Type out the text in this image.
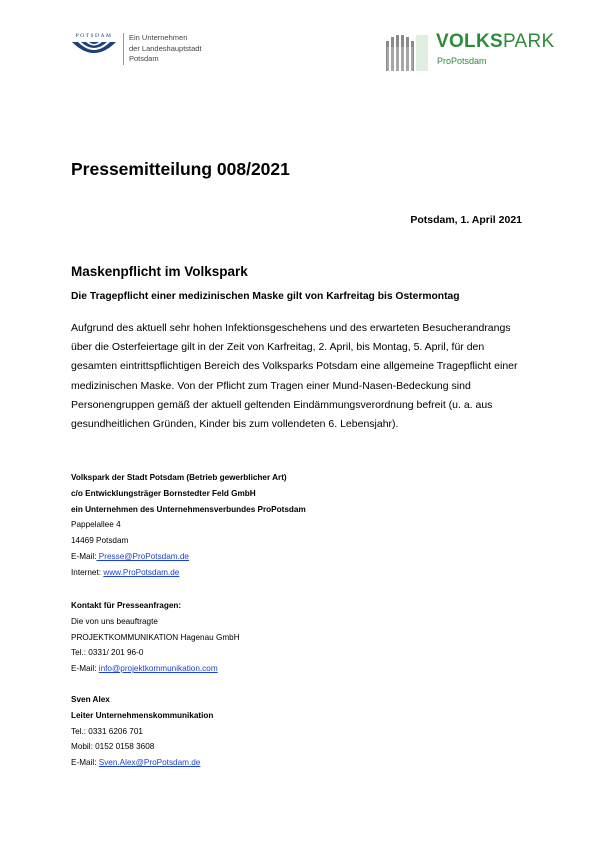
POTSDAM Ein Unternehmen
der Landeshauptstadt
Potsdam
VOLKSPARK
ProPotsdam
Pressemitteilung 008/2021
Potsdam, 1. April 2021
Maskenpflicht im Volkspark
Die Tragepflicht einer medizinischen Maske gilt von Karfreitag bis Ostermontag

Aufgrund des aktuell sehr hohen Infektionsgeschehens und des erwarteten Besucherandrangs über die Osterfeiertage gilt in der Zeit von Karfreitag, 2. April, bis Montag, 5. April, für den gesamten eintrittspflichtigen Bereich des Volksparks Potsdam eine allgemeine Tragepflicht einer medizinischen Maske. Von der Pflicht zum Tragen einer Mund-Nasen-Bedeckung sind Personengruppen gemäß der aktuell geltenden Eindämmungsverordnung befreit (u. a. aus gesundheitlichen Gründen, Kinder bis zum vollendeten 6. Lebensjahr).

Volkspark der Stadt Potsdam (Betrieb gewerblicher Art)
c/o Entwicklungsträger Bornstedter Feld GmbH
ein Unternehmen des Unternehmensverbundes ProPotsdam
Pappelallee 4
14469 Potsdam
E-Mail: Presse@ProPotsdam.de
Internet: www.ProPotsdam.de
Kontakt für Presseanfragen:
Die von uns beauftragte
PROJEKTKOMMUNIKATION Hagenau GmbH
Tel.: 0331/ 201 96-0
E-Mail: info@projektkommunikation.com
Sven Alex
Leiter Unternehmenskommunikation
Tel.: 0331 6206 701
Mobil: 0152 0158 3608
E-Mail: Sven.Alex@ProPotsdam.de
